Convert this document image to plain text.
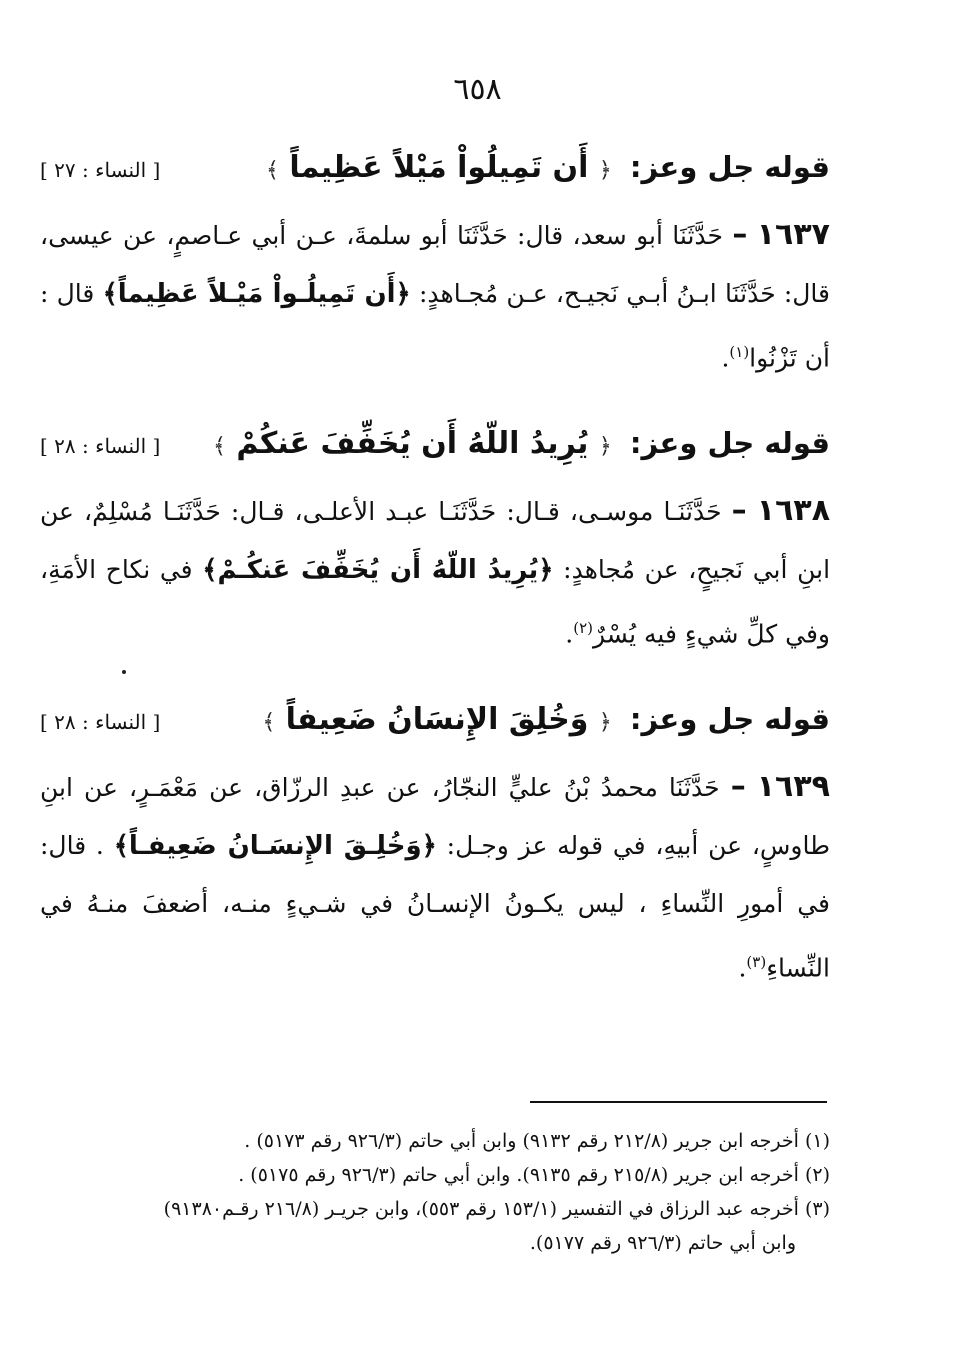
٦٥٨
قوله جل وعز: ﴿ أَن تَمِيلُواْ مَيْلاً عَظِيماً ﴾
[ النساء : ٢٧ ]
١٦٣٧ – حَدَّثَنَا أبو سعد، قال: حَدَّثَنَا أبو سلمةَ، عـن أبي عـاصمٍ، عن عيسى، قال: حَدَّثَنَا ابـنُ أبـي نَجيـح، عـن مُجـاهدٍ: ﴿أَن تَمِيلُـواْ مَيْـلاً عَظِيماً﴾ قال : أن تَزْنُوا$^{(١)}$.
قوله جل وعز: ﴿ يُرِيدُ اللّهُ أَن يُخَفِّفَ عَنكُمْ ﴾
[ النساء : ٢٨ ]
١٦٣٨ – حَدَّثَنَـا موسـى، قـال: حَدَّثَنَـا عبـد الأعلـى، قـال: حَدَّثَنَـا مُسْلِمٌ، عن ابنِ أبي نَجيحٍ، عن مُجاهدٍ: ﴿يُرِيدُ اللّهُ أَن يُخَفِّفَ عَنكُـمْ﴾ في نكاح الأمَةِ، وفي كلِّ شيءٍ فيه يُسْرٌ$^{(٢)}$.
قوله جل وعز: ﴿ وَخُلِقَ الإِنسَانُ ضَعِيفاً ﴾
[ النساء : ٢٨ ]
١٦٣٩ – حَدَّثَنَا محمدُ بْنُ عليٍّ النجّارُ، عن عبدِ الرزّاق، عن مَعْمَـرٍ، عن ابنِ طاوسٍ، عن أبيهِ، في قوله عز وجـل: ﴿وَخُلِـقَ الإِنسَـانُ ضَعِيفـاً﴾ . قال: في أمورِ النِّساءِ ، ليس يكـونُ الإنسـانُ في شـيءٍ منـه، أضعفَ منـهُ في النِّساءِ$^{(٣)}$.

(١) أخرجه ابن جرير (٢١٢/٨ رقم ٩١٣٢) وابن أبي حاتم (٩٢٦/٣ رقم ٥١٧٣) .

(٢) أخرجه ابن جرير (٢١٥/٨ رقم ٩١٣٥). وابن أبي حاتم (٩٢٦/٣ رقم ٥١٧٥) .

(٣) أخرجه عبد الرزاق في التفسير (١٥٣/١ رقم ٥٥٣)، وابن جريـر (٢١٦/٨ رقـم٩١٣٨٠)

وابن أبي حاتم (٩٢٦/٣ رقم ٥١٧٧).
